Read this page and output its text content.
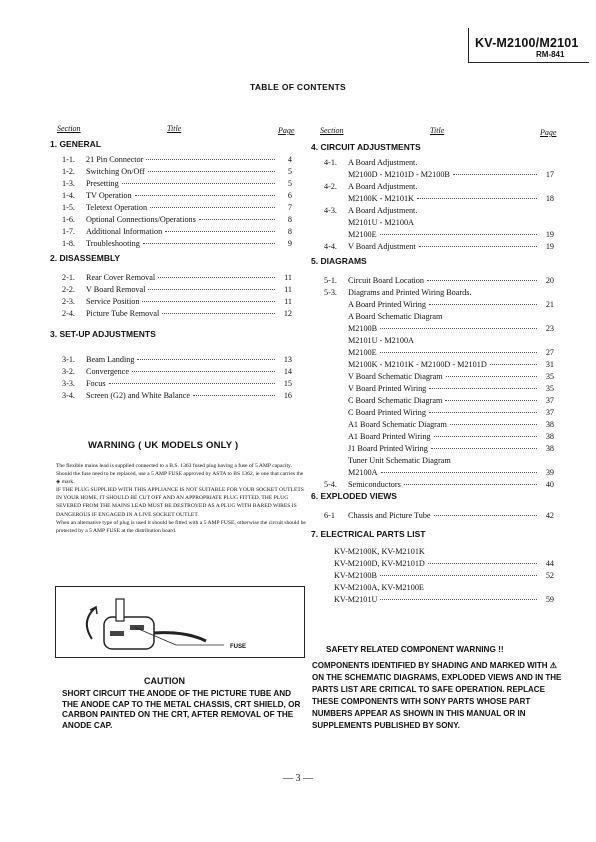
KV-M2100/M2101
RM-841
TABLE OF CONTENTS
Section	Title	Page	Section	Title	Page
1. GENERAL
1-1.	21 Pin Connector	4
1-2.	Switching On/Off	5
1-3.	Presetting	5
1-4.	TV Operation	6
1-5.	Teletext Operation	7
1-6.	Optional Connections/Operations	8
1-7.	Additional Information	8
1-8.	Troubleshooting	9
2. DISASSEMBLY
2-1.	Rear Cover Removal	11
2-2.	V Board Removal	11
2-3.	Service Position	11
2-4.	Picture Tube Removal	12
3. SET-UP ADJUSTMENTS
3-1.	Beam Landing	13
3-2.	Convergence	14
3-3.	Focus	15
3-4.	Screen (G2) and White Balance	16
4. CIRCUIT ADJUSTMENTS
4-1.	A Board Adjustment.
M2100D - M2101D - M2100B	17
4-2.	A Board Adjustment.
M2100K - M2101K	18
4-3.	A Board Adjustment.
M2101U - M2100A
M2100E	19
4-4.	V Board Adjustment	19
5. DIAGRAMS
5-1.	Circuit Board Location	20
5-3.	Diagrams and Printed Wiring Boards.
A Board Printed Wiring	21
A Board Schematic Diagram
M2100B	23
M2101U - M2100A
M2100E	27
M2100K - M2101K - M2100D - M2101D	31
V Board Schematic Diagram	35
V Board Printed Wiring	35
C Board Schematic Diagram	37
C Board Printed Wiring	37
A1 Board Schematic Diagram	38
A1 Board Printed Wiring	38
J1 Board Printed Wiring	38
Tuner Unit Schematic Diagram
M2100A	39
5-4.	Semiconductors	40
6. EXPLODED VIEWS
6-1	Chassis and Picture Tube	42
7. ELECTRICAL PARTS LIST
KV-M2100K, KV-M2101K
KV-M2100D, KV-M2101D	44
KV-M2100B	52
KV-M2100A, KV-M2100E
KV-M2101U	59
WARNING ( UK MODELS ONLY )

The flexible mains lead is supplied connected to a B.S. 1363 fused plug having a fuse of 5 AMP capacity. Should the fuse need to be replaced, use a 5 AMP FUSE approved by ASTA to BS 1362, ie one that carries the ◈ mark.

IF THE PLUG SUPPLIED WITH THIS APPLIANCE IS NOT SUITABLE FOR YOUR SOCKET OUTLETS IN YOUR HOME, IT SHOULD BE CUT OFF AND AN APPROPRIATE PLUG FITTED. THE PLUG SEVERED FROM THE MAINS LEAD MUST BE DESTROYED AS A PLUG WITH BARED WIRES IS DANGEROUS IF ENGAGED IN A LIVE SOCKET OUTLET.

When an alternative type of plug is used it should be fitted with a 5 AMP FUSE, otherwise the circuit should be protected by a 5 AMP FUSE at the distribution board.

FUSE
CAUTION
SHORT CIRCUIT THE ANODE OF THE PICTURE TUBE AND THE ANODE CAP TO THE METAL CHASSIS, CRT SHIELD, OR CARBON PAINTED ON THE CRT, AFTER REMOVAL OF THE ANODE CAP.
SAFETY RELATED COMPONENT WARNING !!
COMPONENTS IDENTIFIED BY SHADING AND MARKED WITH ⚠ ON THE SCHEMATIC DIAGRAMS, EXPLODED VIEWS AND IN THE PARTS LIST ARE CRITICAL TO SAFE OPERATION. REPLACE THESE COMPONENTS WITH SONY PARTS WHOSE PART NUMBERS APPEAR AS SHOWN IN THIS MANUAL OR IN SUPPLEMENTS PUBLISHED BY SONY.
— 3 —
